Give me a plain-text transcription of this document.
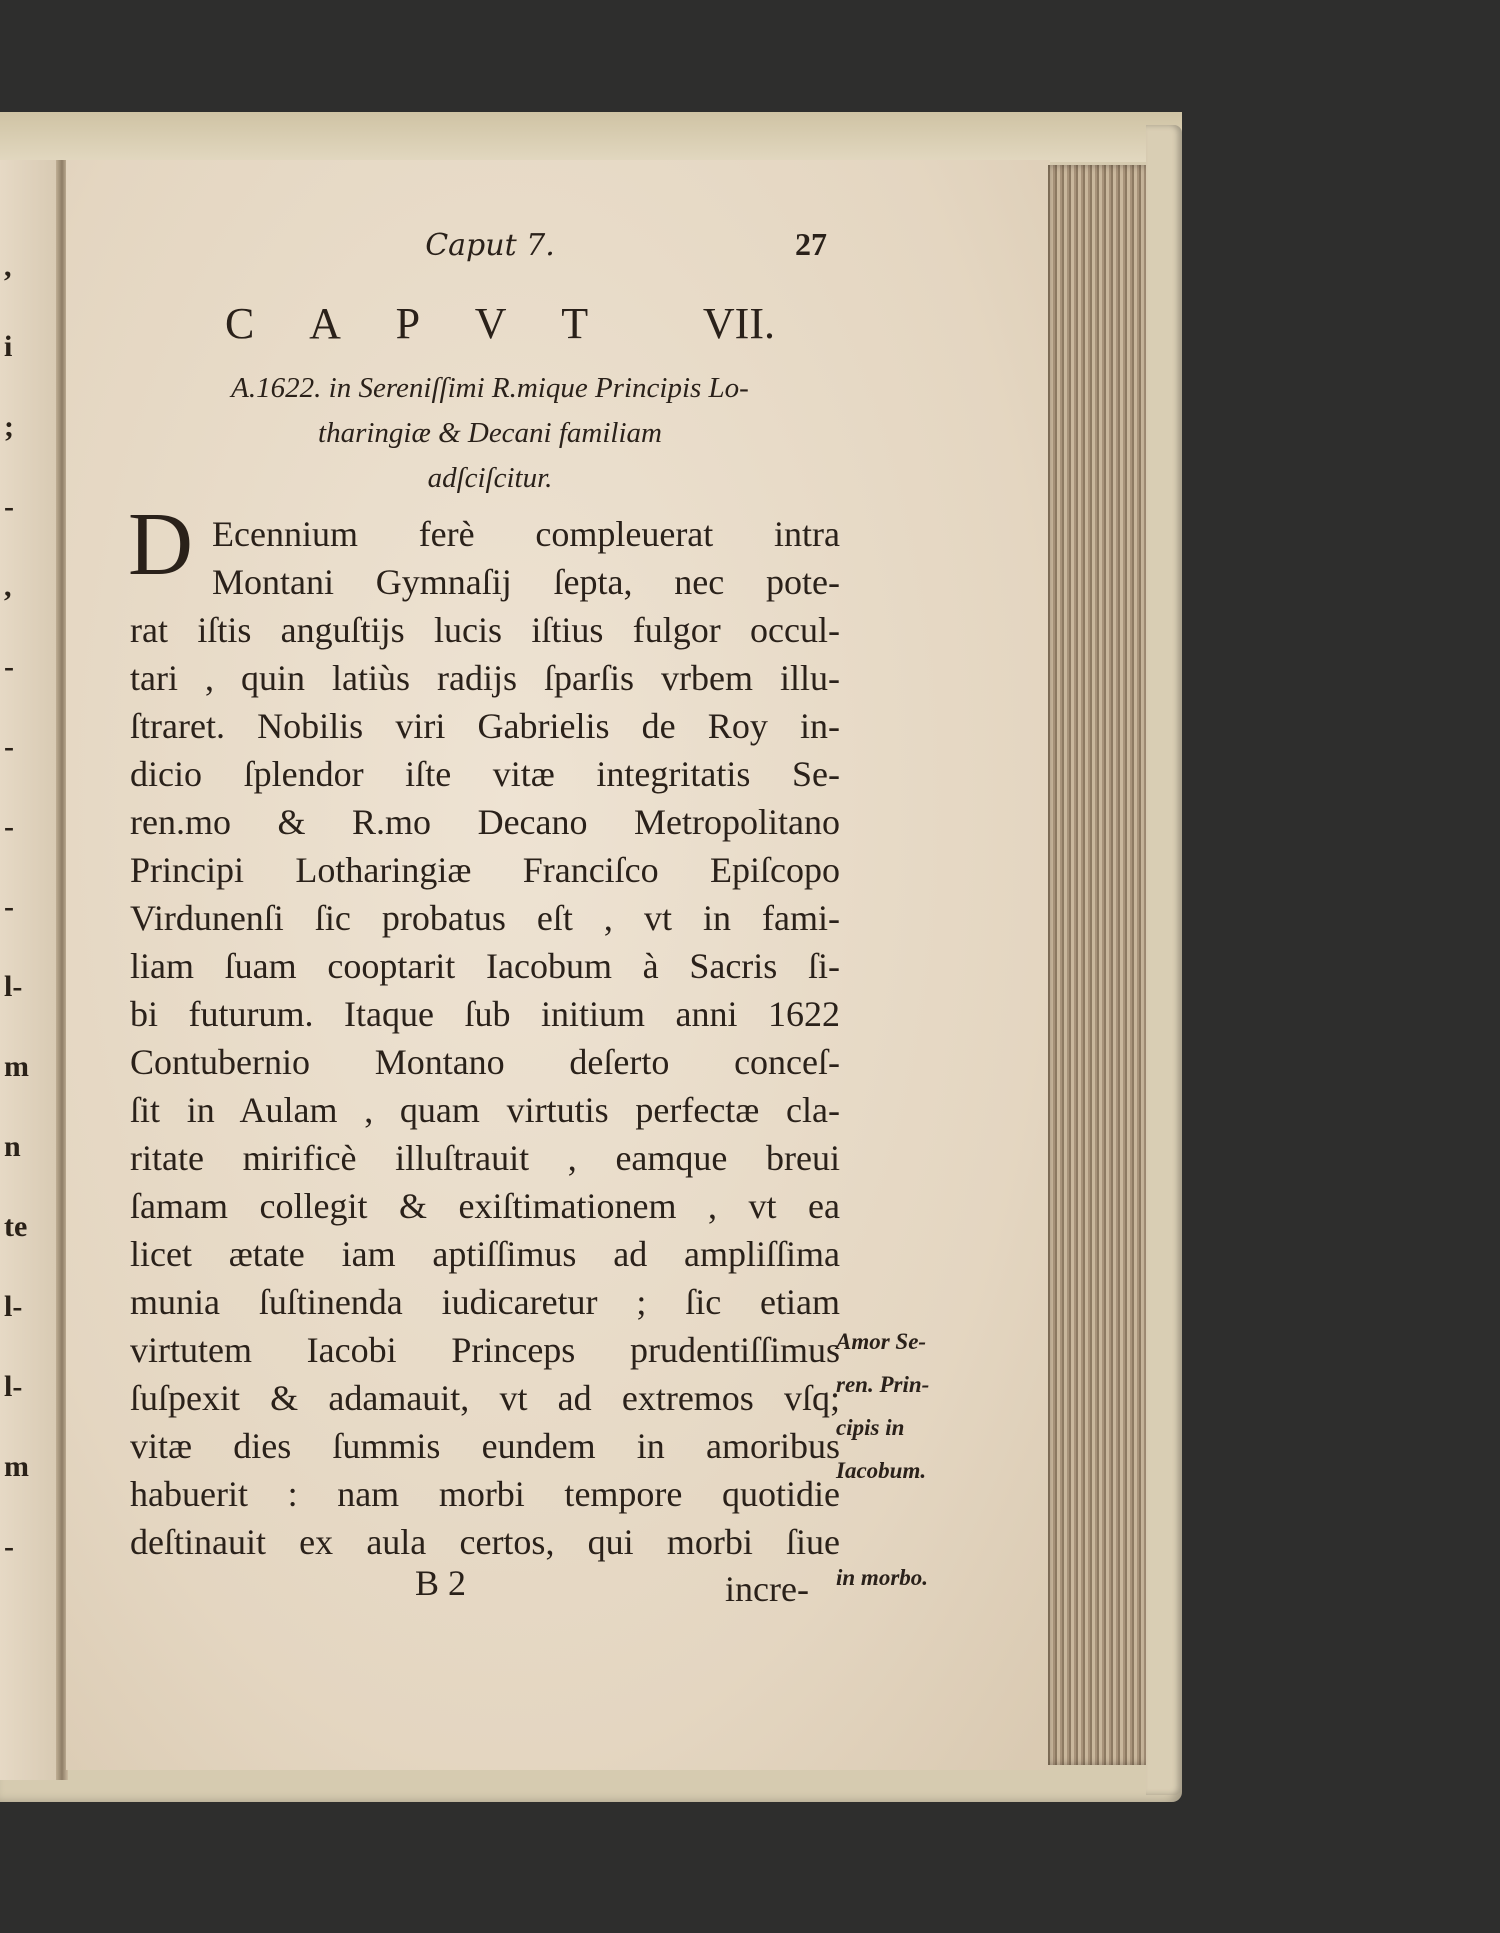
,
i
;
-
,
-
-
-
-
l-
m
n
te
l-
l-
m
-
Caput 7.	27
C A P V T	VII.
A.1622. in Sereniſſimi R.mique Principis Lo-
tharingiæ & Decani familiam
adſciſcitur.
D Ecennium ferè compleuerat intra
Montani Gymnaſij ſepta, nec pote-
rat iſtis anguſtijs lucis iſtius fulgor occul-
tari , quin latiùs radijs ſparſis vrbem illu-
ſtraret. Nobilis viri Gabrielis de Roy in-
dicio ſplendor iſte vitæ integritatis Se-
ren.mo & R.mo Decano Metropolitano
Principi Lotharingiæ Franciſco Epiſcopo
Virdunenſi ſic probatus eſt , vt in fami-
liam ſuam cooptarit Iacobum à Sacris ſi-
bi futurum. Itaque ſub initium anni 1622
Contubernio Montano deſerto conceſ-
ſit in Aulam , quam virtutis perfectæ cla-
ritate mirificè illuſtrauit , eamque breui
ſamam collegit & exiſtimationem , vt ea
licet ætate iam aptiſſimus ad ampliſſima
munia ſuſtinenda iudicaretur ; ſic etiam
virtutem Iacobi Princeps prudentiſſimus
ſuſpexit & adamauit, vt ad extremos vſq;
vitæ dies ſummis eundem in amoribus
habuerit : nam morbi tempore quotidie
deſtinauit ex aula certos, qui morbi ſiue
Amor Se-
ren. Prin-
cipis in
Iacobum.
in morbo.
B 2	incre-
